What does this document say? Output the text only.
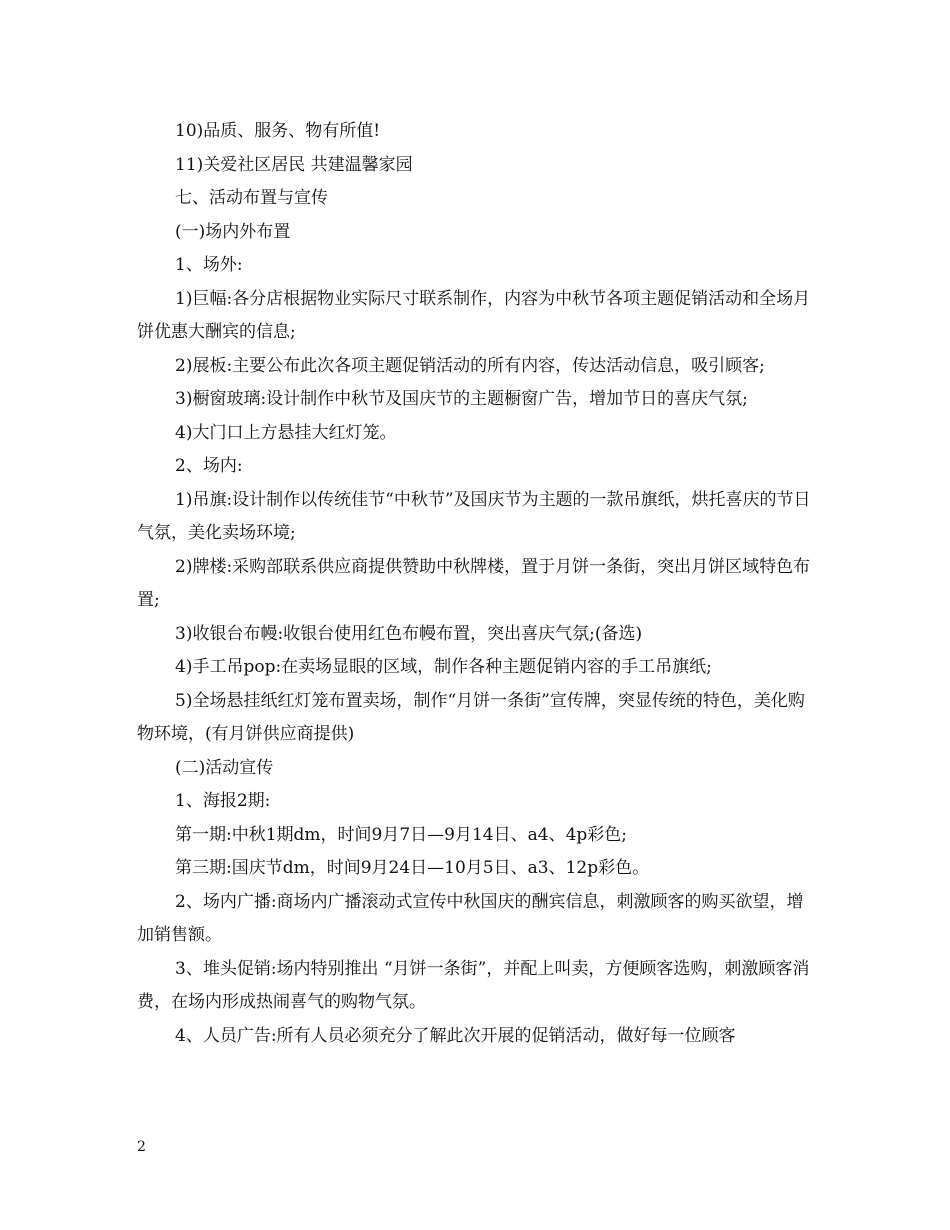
10)品质、服务、物有所值!

11)关爱社区居民 共建温馨家园

七、活动布置与宣传

(一)场内外布置

1、场外:

1)巨幅:各分店根据物业实际尺寸联系制作，内容为中秋节各项主题促销活动和全场月饼优惠大酬宾的信息;

2)展板:主要公布此次各项主题促销活动的所有内容，传达活动信息，吸引顾客;

3)橱窗玻璃:设计制作中秋节及国庆节的主题橱窗广告，增加节日的喜庆气氛;

4)大门口上方悬挂大红灯笼。

2、场内:

1)吊旗:设计制作以传统佳节“中秋节”及国庆节为主题的一款吊旗纸，烘托喜庆的节日气氛，美化卖场环境;

2)牌楼:采购部联系供应商提供赞助中秋牌楼，置于月饼一条街，突出月饼区域特色布置;

3)收银台布幔:收银台使用红色布幔布置，突出喜庆气氛;(备选)

4)手工吊pop:在卖场显眼的区域，制作各种主题促销内容的手工吊旗纸;

5)全场悬挂纸红灯笼布置卖场，制作“月饼一条街”宣传牌，突显传统的特色，美化购物环境，(有月饼供应商提供)

(二)活动宣传

1、海报2期:

第一期:中秋1期dm，时间9月7日—9月14日、a4、4p彩色;

第三期:国庆节dm，时间9月24日—10月5日、a3、12p彩色。

2、场内广播:商场内广播滚动式宣传中秋国庆的酬宾信息，刺激顾客的购买欲望，增加销售额。

3、堆头促销:场内特别推出 “月饼一条街”，并配上叫卖，方便顾客选购，刺激顾客消费，在场内形成热闹喜气的购物气氛。

4、人员广告:所有人员必须充分了解此次开展的促销活动，做好每一位顾客

2
